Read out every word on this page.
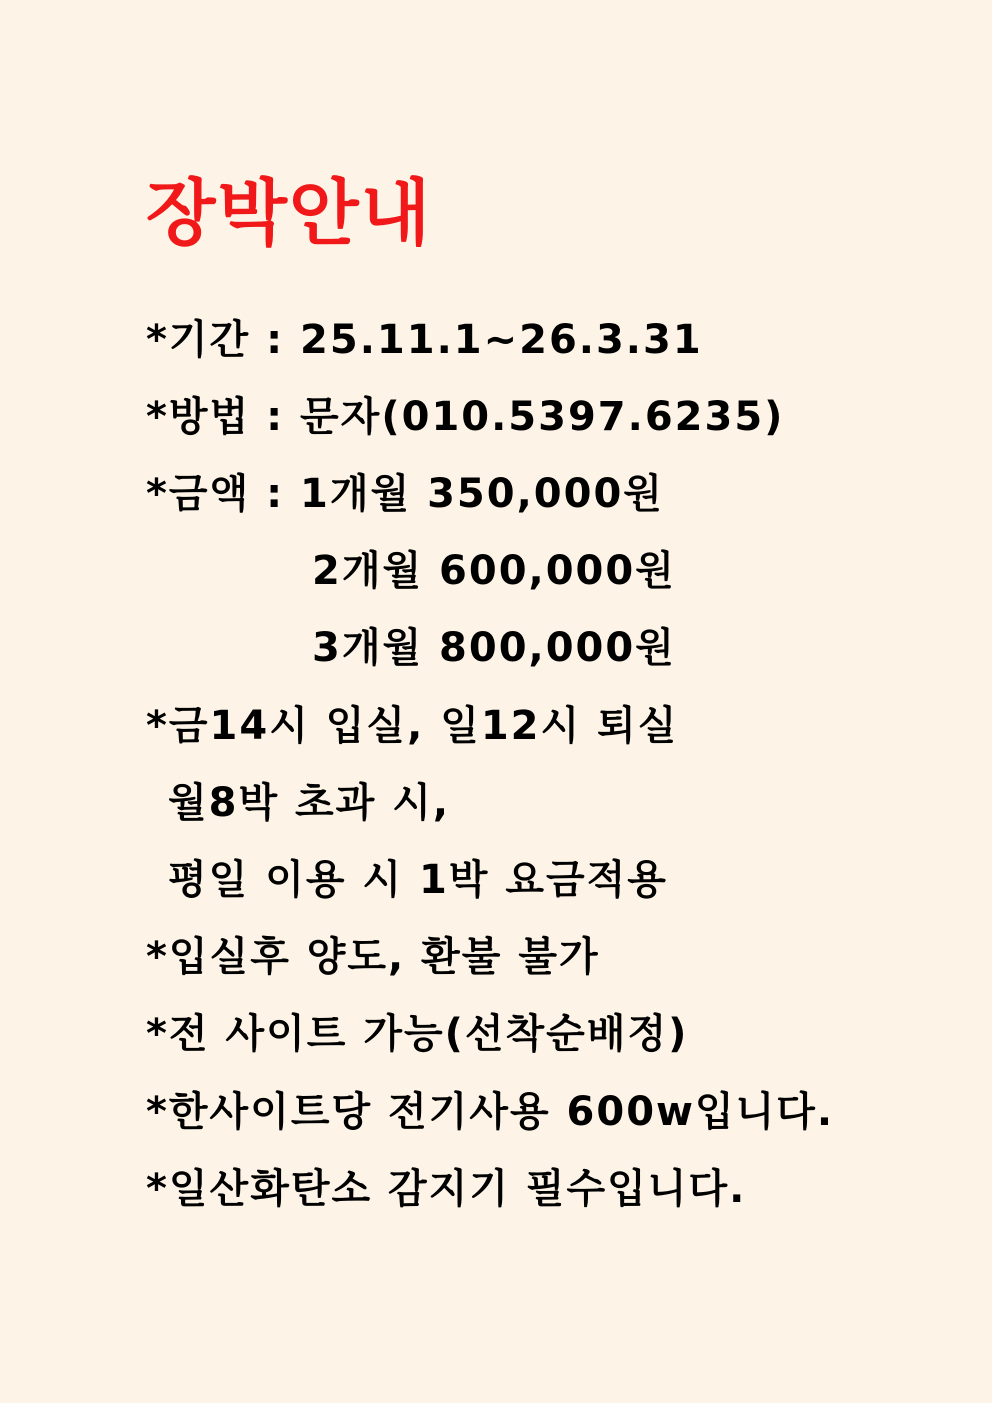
장박안내
*기간 : 25.11.1~26.3.31
*방법 : 문자(010.5397.6235)
*금액 : 1개월 350,000원
2개월 600,000원
3개월 800,000원
*금14시 입실, 일12시 퇴실
월8박 초과 시,
평일 이용 시 1박 요금적용
*입실후 양도, 환불 불가
*전 사이트 가능(선착순배정)
*한사이트당 전기사용 600w입니다.
*일산화탄소 감지기 필수입니다.
